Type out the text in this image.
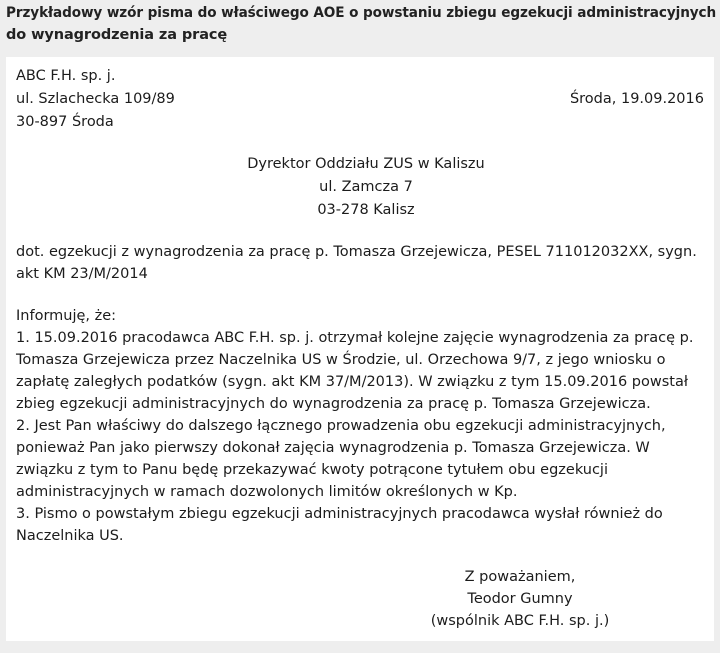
Przykładowy wzór pisma do właściwego AOE o powstaniu zbiegu egzekucji administracyjnych
do wynagrodzenia za pracę
ABC F.H. sp. j.
ul. Szlachecka 109/89
30-897 Środa
Środa, 19.09.2016
Dyrektor Oddziału ZUS w Kaliszu
ul. Zamcza 7
03-278 Kalisz
dot. egzekucji z wynagrodzenia za pracę p. Tomasza Grzejewicza, PESEL 711012032XX, sygn.
akt KM 23/M/2014
Informuję, że:
1. 15.09.2016 pracodawca ABC F.H. sp. j. otrzymał kolejne zajęcie wynagrodzenia za pracę p.
Tomasza Grzejewicza przez Naczelnika US w Środzie, ul. Orzechowa 9/7, z jego wniosku o
zapłatę zaległych podatków (sygn. akt KM 37/M/2013). W związku z tym 15.09.2016 powstał
zbieg egzekucji administracyjnych do wynagrodzenia za pracę p. Tomasza Grzejewicza.
2. Jest Pan właściwy do dalszego łącznego prowadzenia obu egzekucji administracyjnych,
ponieważ Pan jako pierwszy dokonał zajęcia wynagrodzenia p. Tomasza Grzejewicza. W
związku z tym to Panu będę przekazywać kwoty potrącone tytułem obu egzekucji
administracyjnych w ramach dozwolonych limitów określonych w Kp.
3. Pismo o powstałym zbiegu egzekucji administracyjnych pracodawca wysłał również do
Naczelnika US.
Z poważaniem,
Teodor Gumny
(wspólnik ABC F.H. sp. j.)
